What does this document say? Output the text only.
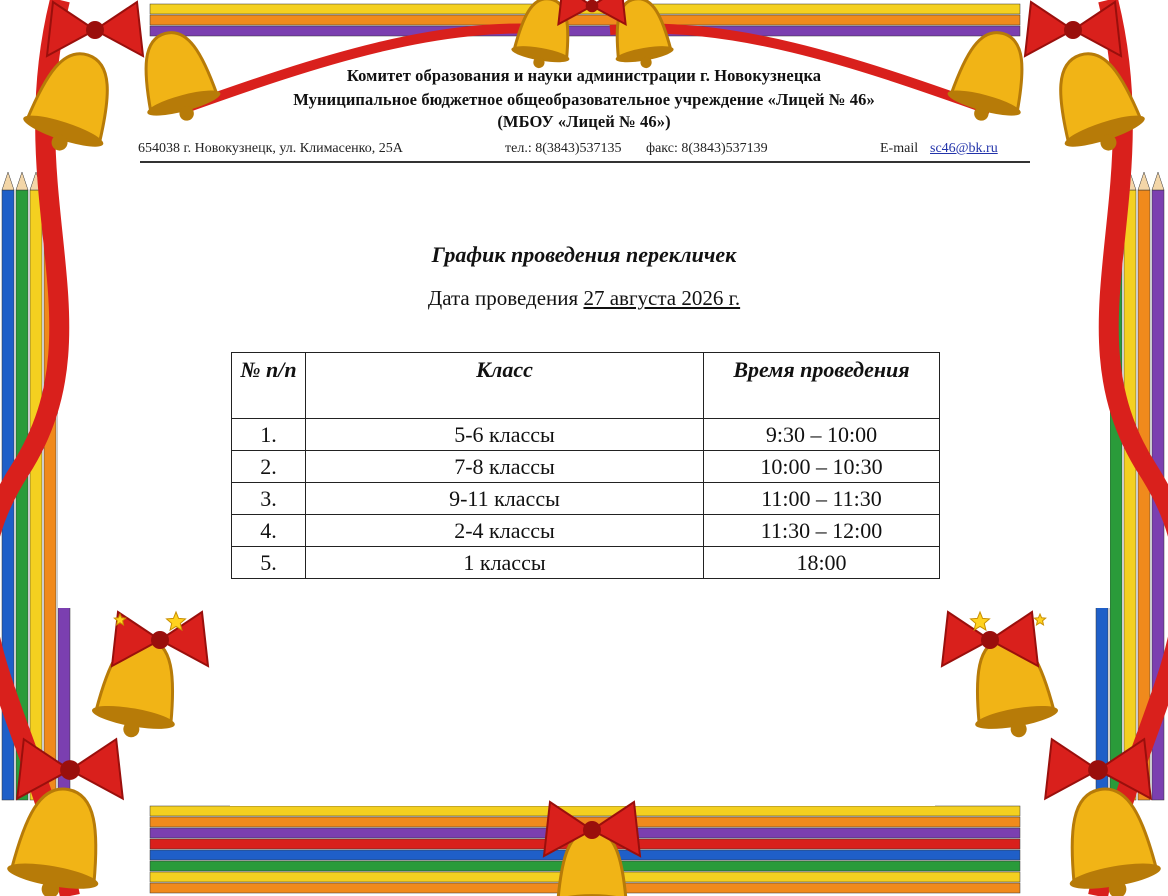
Комитет образования и науки администрации г. Новокузнецка
Муниципальное бюджетное общеобразовательное учреждение «Лицей № 46»
(МБОУ «Лицей № 46»)
654038 г. Новокузнецк, ул. Климасенко, 25А	тел.: 8(3843)537135 факс: 8(3843)537139	E-mail sc46@bk.ru
График проведения перекличек
Дата проведения 27 августа 2026 г.
№ п/п	Класс	Время проведения
1.	5-6 классы	9:30 – 10:00
2.	7-8 классы	10:00 – 10:30
3.	9-11 классы	11:00 – 11:30
4.	2-4 классы	11:30 – 12:00
5.	1 классы	18:00
